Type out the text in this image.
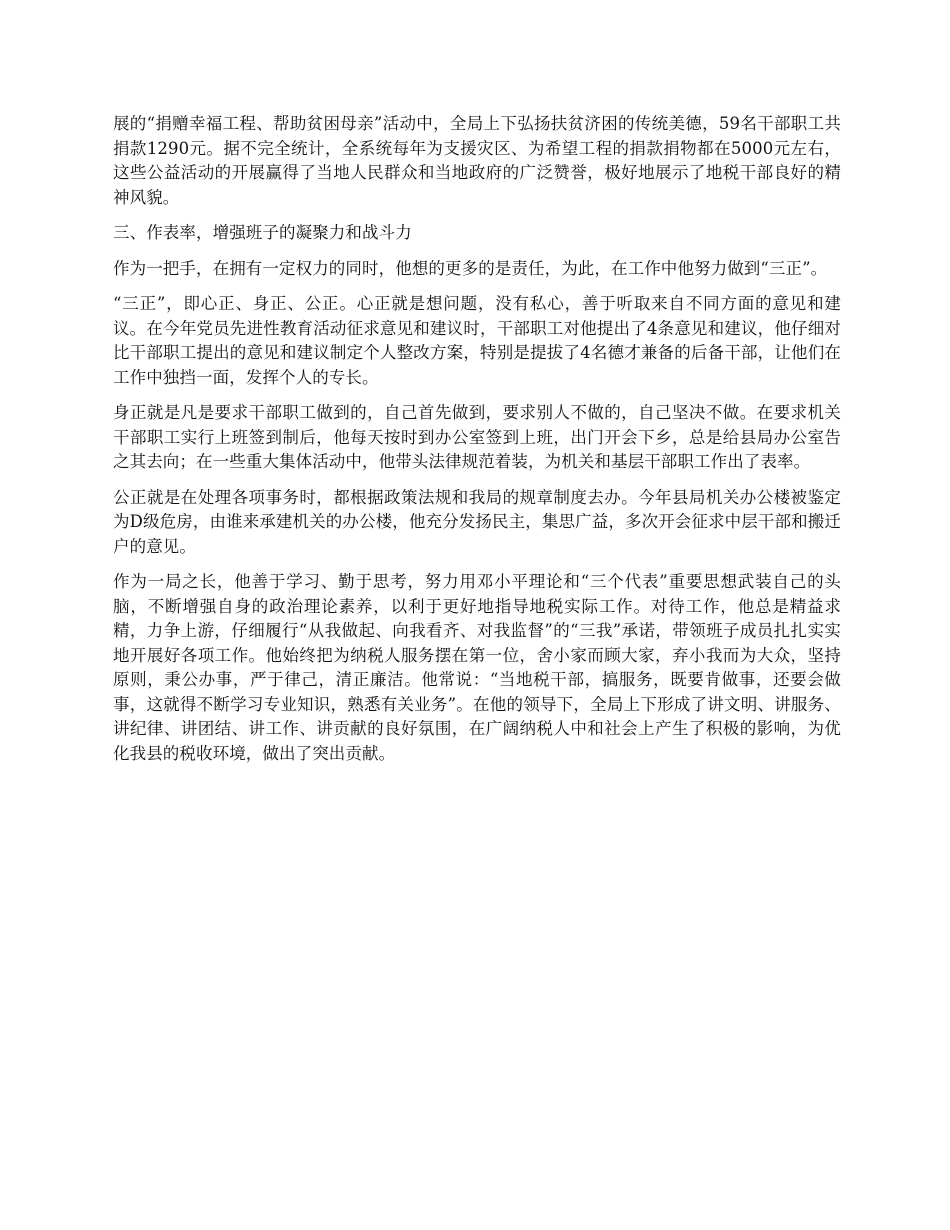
展的“捐赠幸福工程、帮助贫困母亲”活动中，全局上下弘扬扶贫济困的传统美德，59名干部职工共捐款1290元。据不完全统计，全系统每年为支援灾区、为希望工程的捐款捐物都在5000元左右，这些公益活动的开展赢得了当地人民群众和当地政府的广泛赞誉，极好地展示了地税干部良好的精神风貌。

三、作表率，增强班子的凝聚力和战斗力

作为一把手，在拥有一定权力的同时，他想的更多的是责任，为此，在工作中他努力做到“三正”。

“三正”，即心正、身正、公正。心正就是想问题，没有私心，善于听取来自不同方面的意见和建议。在今年党员先进性教育活动征求意见和建议时，干部职工对他提出了4条意见和建议，他仔细对比干部职工提出的意见和建议制定个人整改方案，特别是提拔了4名德才兼备的后备干部，让他们在工作中独挡一面，发挥个人的专长。

身正就是凡是要求干部职工做到的，自己首先做到，要求别人不做的，自己坚决不做。在要求机关干部职工实行上班签到制后，他每天按时到办公室签到上班，出门开会下乡，总是给县局办公室告之其去向；在一些重大集体活动中，他带头法律规范着装，为机关和基层干部职工作出了表率。

公正就是在处理各项事务时，都根据政策法规和我局的规章制度去办。今年县局机关办公楼被鉴定为D级危房，由谁来承建机关的办公楼，他充分发扬民主，集思广益，多次开会征求中层干部和搬迁户的意见。

作为一局之长，他善于学习、勤于思考，努力用邓小平理论和“三个代表”重要思想武装自己的头脑，不断增强自身的政治理论素养，以利于更好地指导地税实际工作。对待工作，他总是精益求精，力争上游，仔细履行“从我做起、向我看齐、对我监督”的“三我”承诺，带领班子成员扎扎实实地开展好各项工作。他始终把为纳税人服务摆在第一位，舍小家而顾大家，弃小我而为大众，坚持原则，秉公办事，严于律己，清正廉洁。他常说：“当地税干部，搞服务，既要肯做事，还要会做事，这就得不断学习专业知识，熟悉有关业务”。在他的领导下，全局上下形成了讲文明、讲服务、讲纪律、讲团结、讲工作、讲贡献的良好氛围，在广阔纳税人中和社会上产生了积极的影响，为优化我县的税收环境，做出了突出贡献。
